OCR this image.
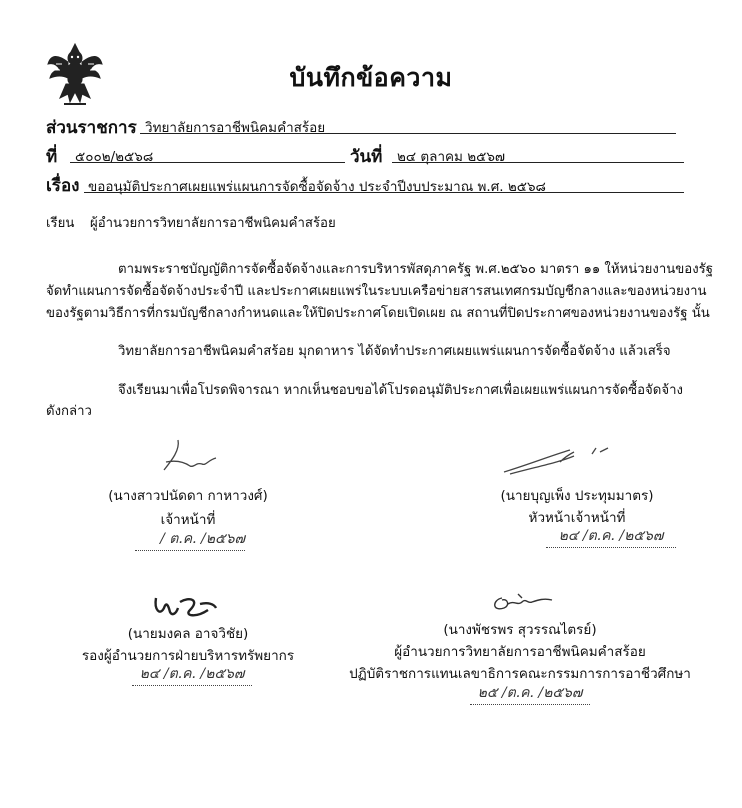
บันทึกข้อความ
ส่วนราชการ วิทยาลัยการอาชีพนิคมคำสร้อย
ที่ ๕๐๐๒/๒๕๖๘	วันที่ ๒๔ ตุลาคม ๒๕๖๗
เรื่อง ขออนุมัติประกาศเผยแพร่แผนการจัดซื้อจัดจ้าง ประจำปีงบประมาณ พ.ศ. ๒๕๖๘
เรียน ผู้อำนวยการวิทยาลัยการอาชีพนิคมคำสร้อย
ตามพระราชบัญญัติการจัดซื้อจัดจ้างและการบริหารพัสดุภาครัฐ พ.ศ.๒๕๖๐ มาตรา ๑๑ ให้หน่วยงานของรัฐ
จัดทำแผนการจัดซื้อจัดจ้างประจำปี และประกาศเผยแพร่ในระบบเครือข่ายสารสนเทศกรมบัญชีกลางและของหน่วยงาน
ของรัฐตามวิธีการที่กรมบัญชีกลางกำหนดและให้ปิดประกาศโดยเปิดเผย ณ สถานที่ปิดประกาศของหน่วยงานของรัฐ นั้น
วิทยาลัยการอาชีพนิคมคำสร้อย มุกดาหาร ได้จัดทำประกาศเผยแพร่แผนการจัดซื้อจัดจ้าง แล้วเสร็จ
จึงเรียนมาเพื่อโปรดพิจารณา หากเห็นชอบขอได้โปรดอนุมัติประกาศเพื่อเผยแพร่แผนการจัดซื้อจัดจ้าง
ดังกล่าว
(นางสาวปนัดดา กาหาวงศ์)
เจ้าหน้าที่
/ ต.ค. /๒๕๖๗
(นายบุญเพ็ง ประทุมมาตร)
หัวหน้าเจ้าหน้าที่
๒๔ /ต.ค. /๒๕๖๗
(นายมงคล อาจวิชัย)
รองผู้อำนวยการฝ่ายบริหารทรัพยากร
๒๔ /ต.ค. /๒๕๖๗
(นางพัชรพร สุวรรณไตรย์)
ผู้อำนวยการวิทยาลัยการอาชีพนิคมคำสร้อย
ปฏิบัติราชการแทนเลขาธิการคณะกรรมการการอาชีวศึกษา
๒๕ /ต.ค. /๒๕๖๗
